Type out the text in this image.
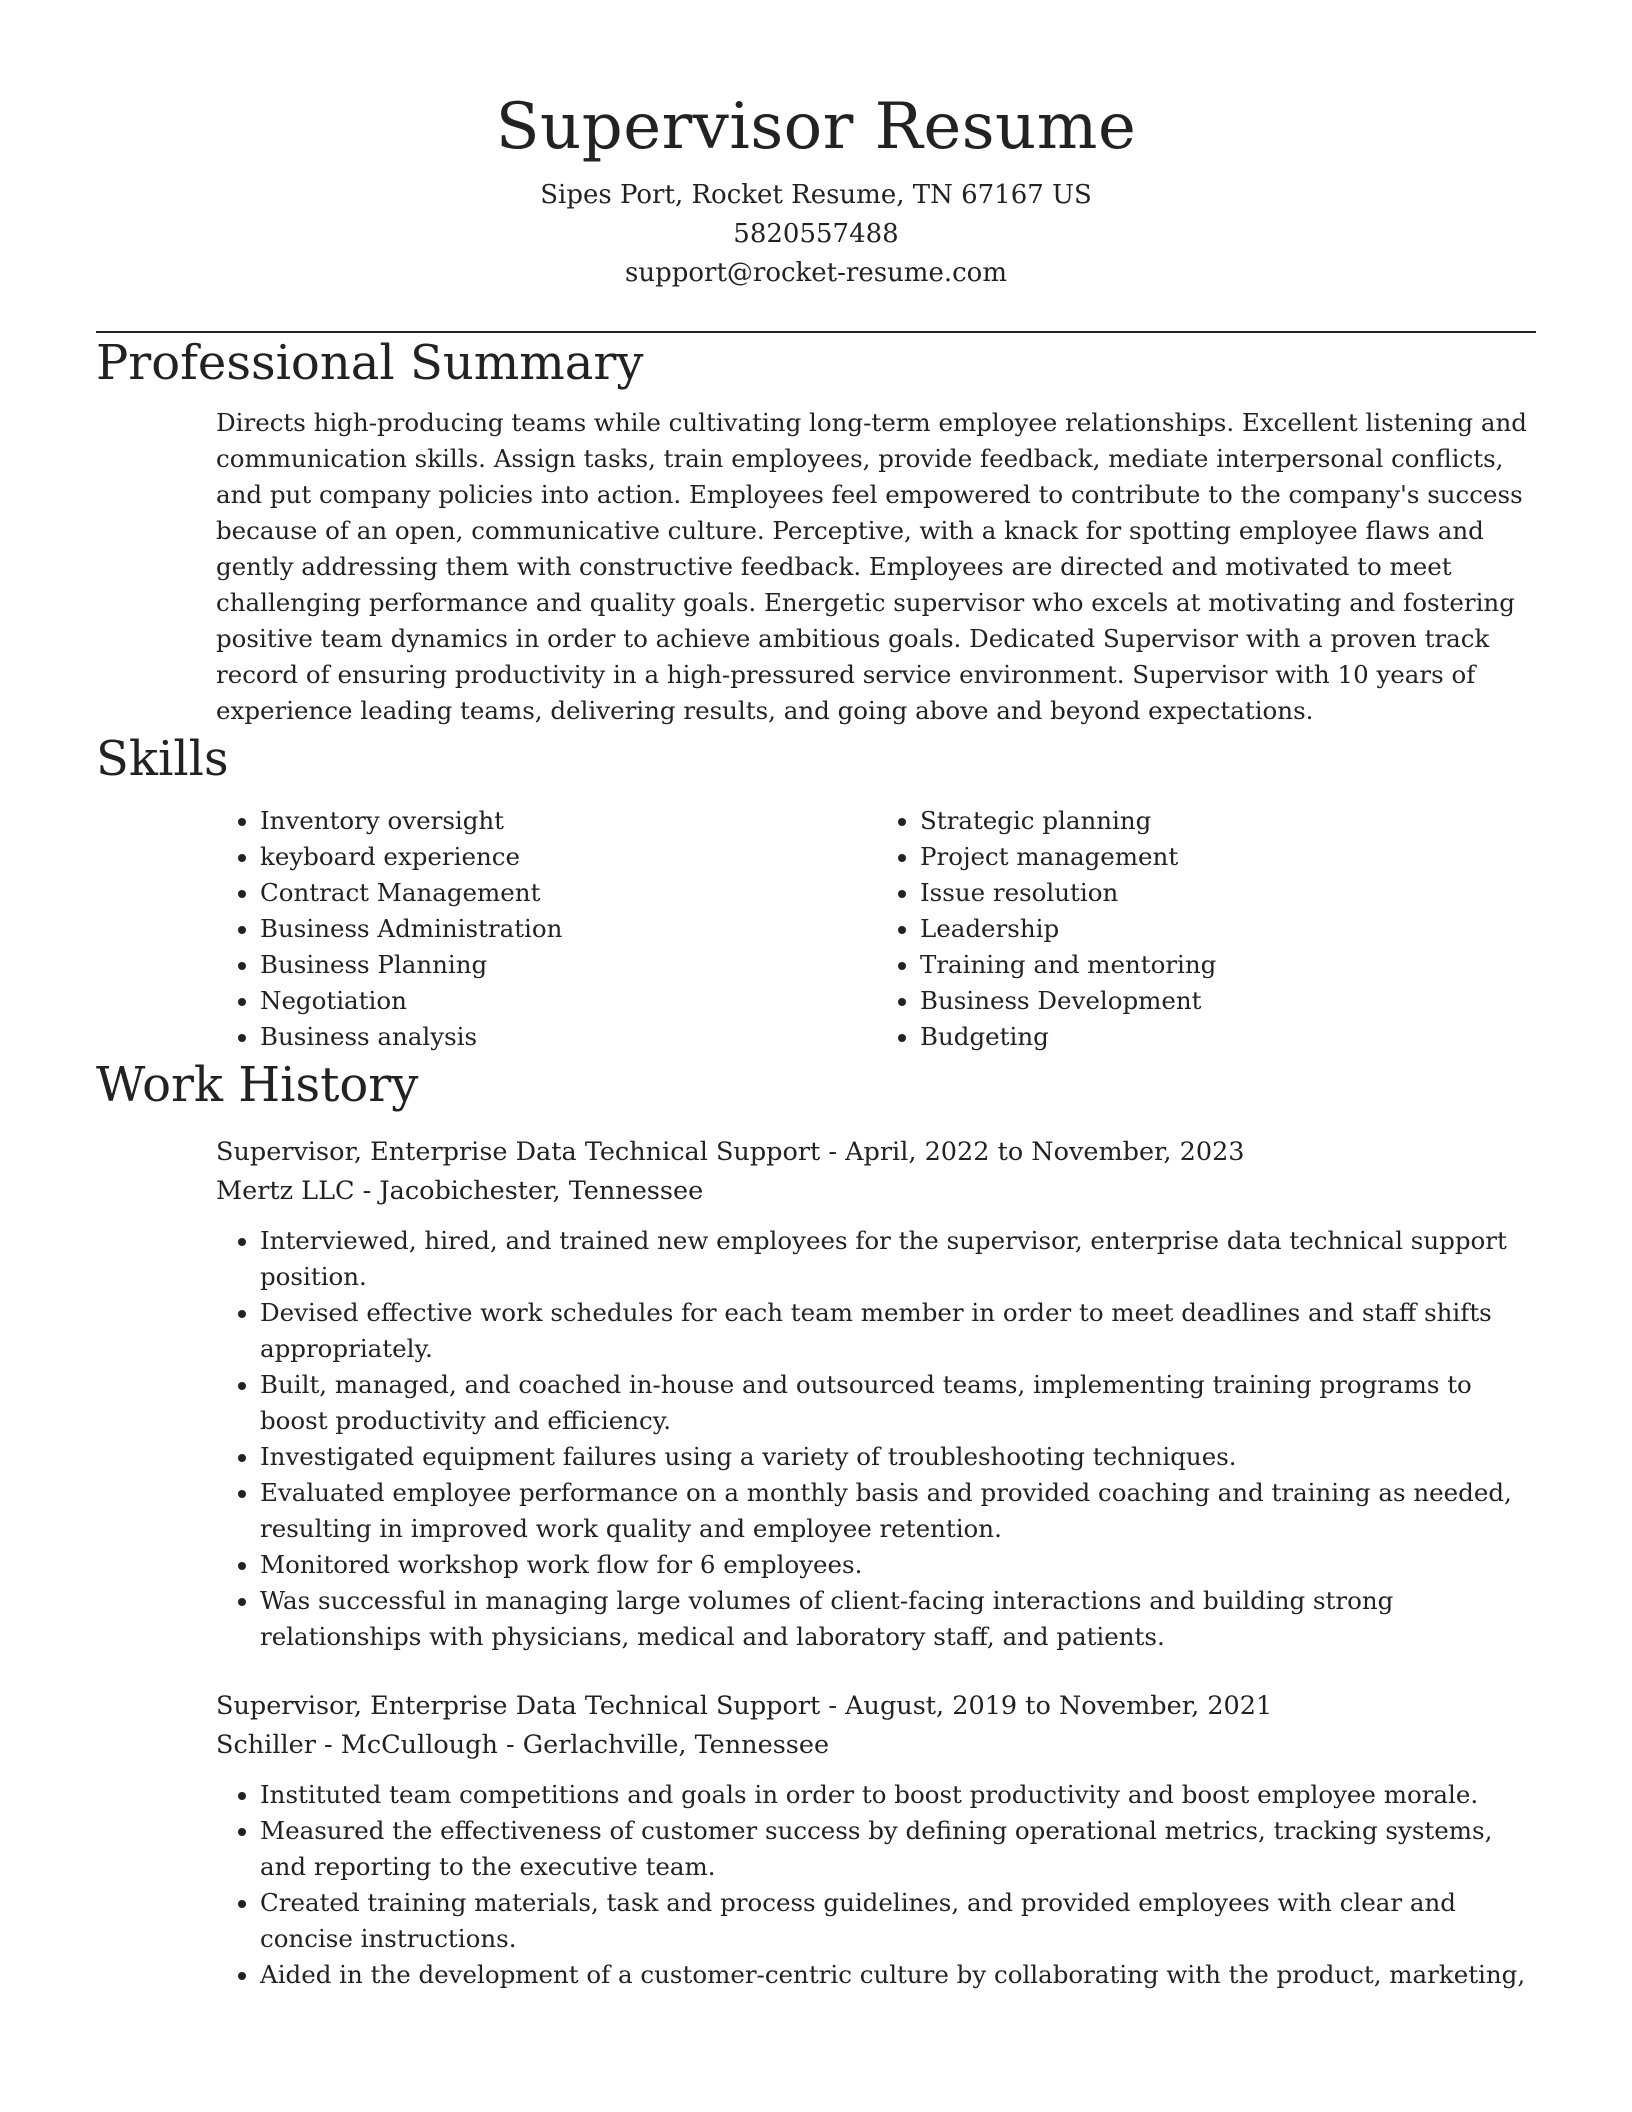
Supervisor Resume
Sipes Port, Rocket Resume, TN 67167 US
5820557488
support@rocket-resume.com
Professional Summary

Directs high-producing teams while cultivating long-term employee relationships. Excellent listening and communication skills. Assign tasks, train employees, provide feedback, mediate interpersonal conflicts, and put company policies into action. Employees feel empowered to contribute to the company's success because of an open, communicative culture. Perceptive, with a knack for spotting employee flaws and gently addressing them with constructive feedback. Employees are directed and motivated to meet challenging performance and quality goals. Energetic supervisor who excels at motivating and fostering positive team dynamics in order to achieve ambitious goals. Dedicated Supervisor with a proven track record of ensuring productivity in a high-pressured service environment. Supervisor with 10 years of experience leading teams, delivering results, and going above and beyond expectations.

Skills
• Inventory oversight
• keyboard experience
• Contract Management
• Business Administration
• Business Planning
• Negotiation
• Business analysis
• Strategic planning
• Project management
• Issue resolution
• Leadership
• Training and mentoring
• Business Development
• Budgeting
Work History
Supervisor, Enterprise Data Technical Support - April, 2022 to November, 2023
Mertz LLC - Jacobichester, Tennessee
• Interviewed, hired, and trained new employees for the supervisor, enterprise data technical support position.
• Devised effective work schedules for each team member in order to meet deadlines and staff shifts appropriately.
• Built, managed, and coached in-house and outsourced teams, implementing training programs to boost productivity and efficiency.
• Investigated equipment failures using a variety of troubleshooting techniques.
• Evaluated employee performance on a monthly basis and provided coaching and training as needed, resulting in improved work quality and employee retention.
• Monitored workshop work flow for 6 employees.
• Was successful in managing large volumes of client-facing interactions and building strong relationships with physicians, medical and laboratory staff, and patients.
Supervisor, Enterprise Data Technical Support - August, 2019 to November, 2021
Schiller - McCullough - Gerlachville, Tennessee
• Instituted team competitions and goals in order to boost productivity and boost employee morale.
• Measured the effectiveness of customer success by defining operational metrics, tracking systems, and reporting to the executive team.
• Created training materials, task and process guidelines, and provided employees with clear and concise instructions.
• Aided in the development of a customer-centric culture by collaborating with the product, marketing,
